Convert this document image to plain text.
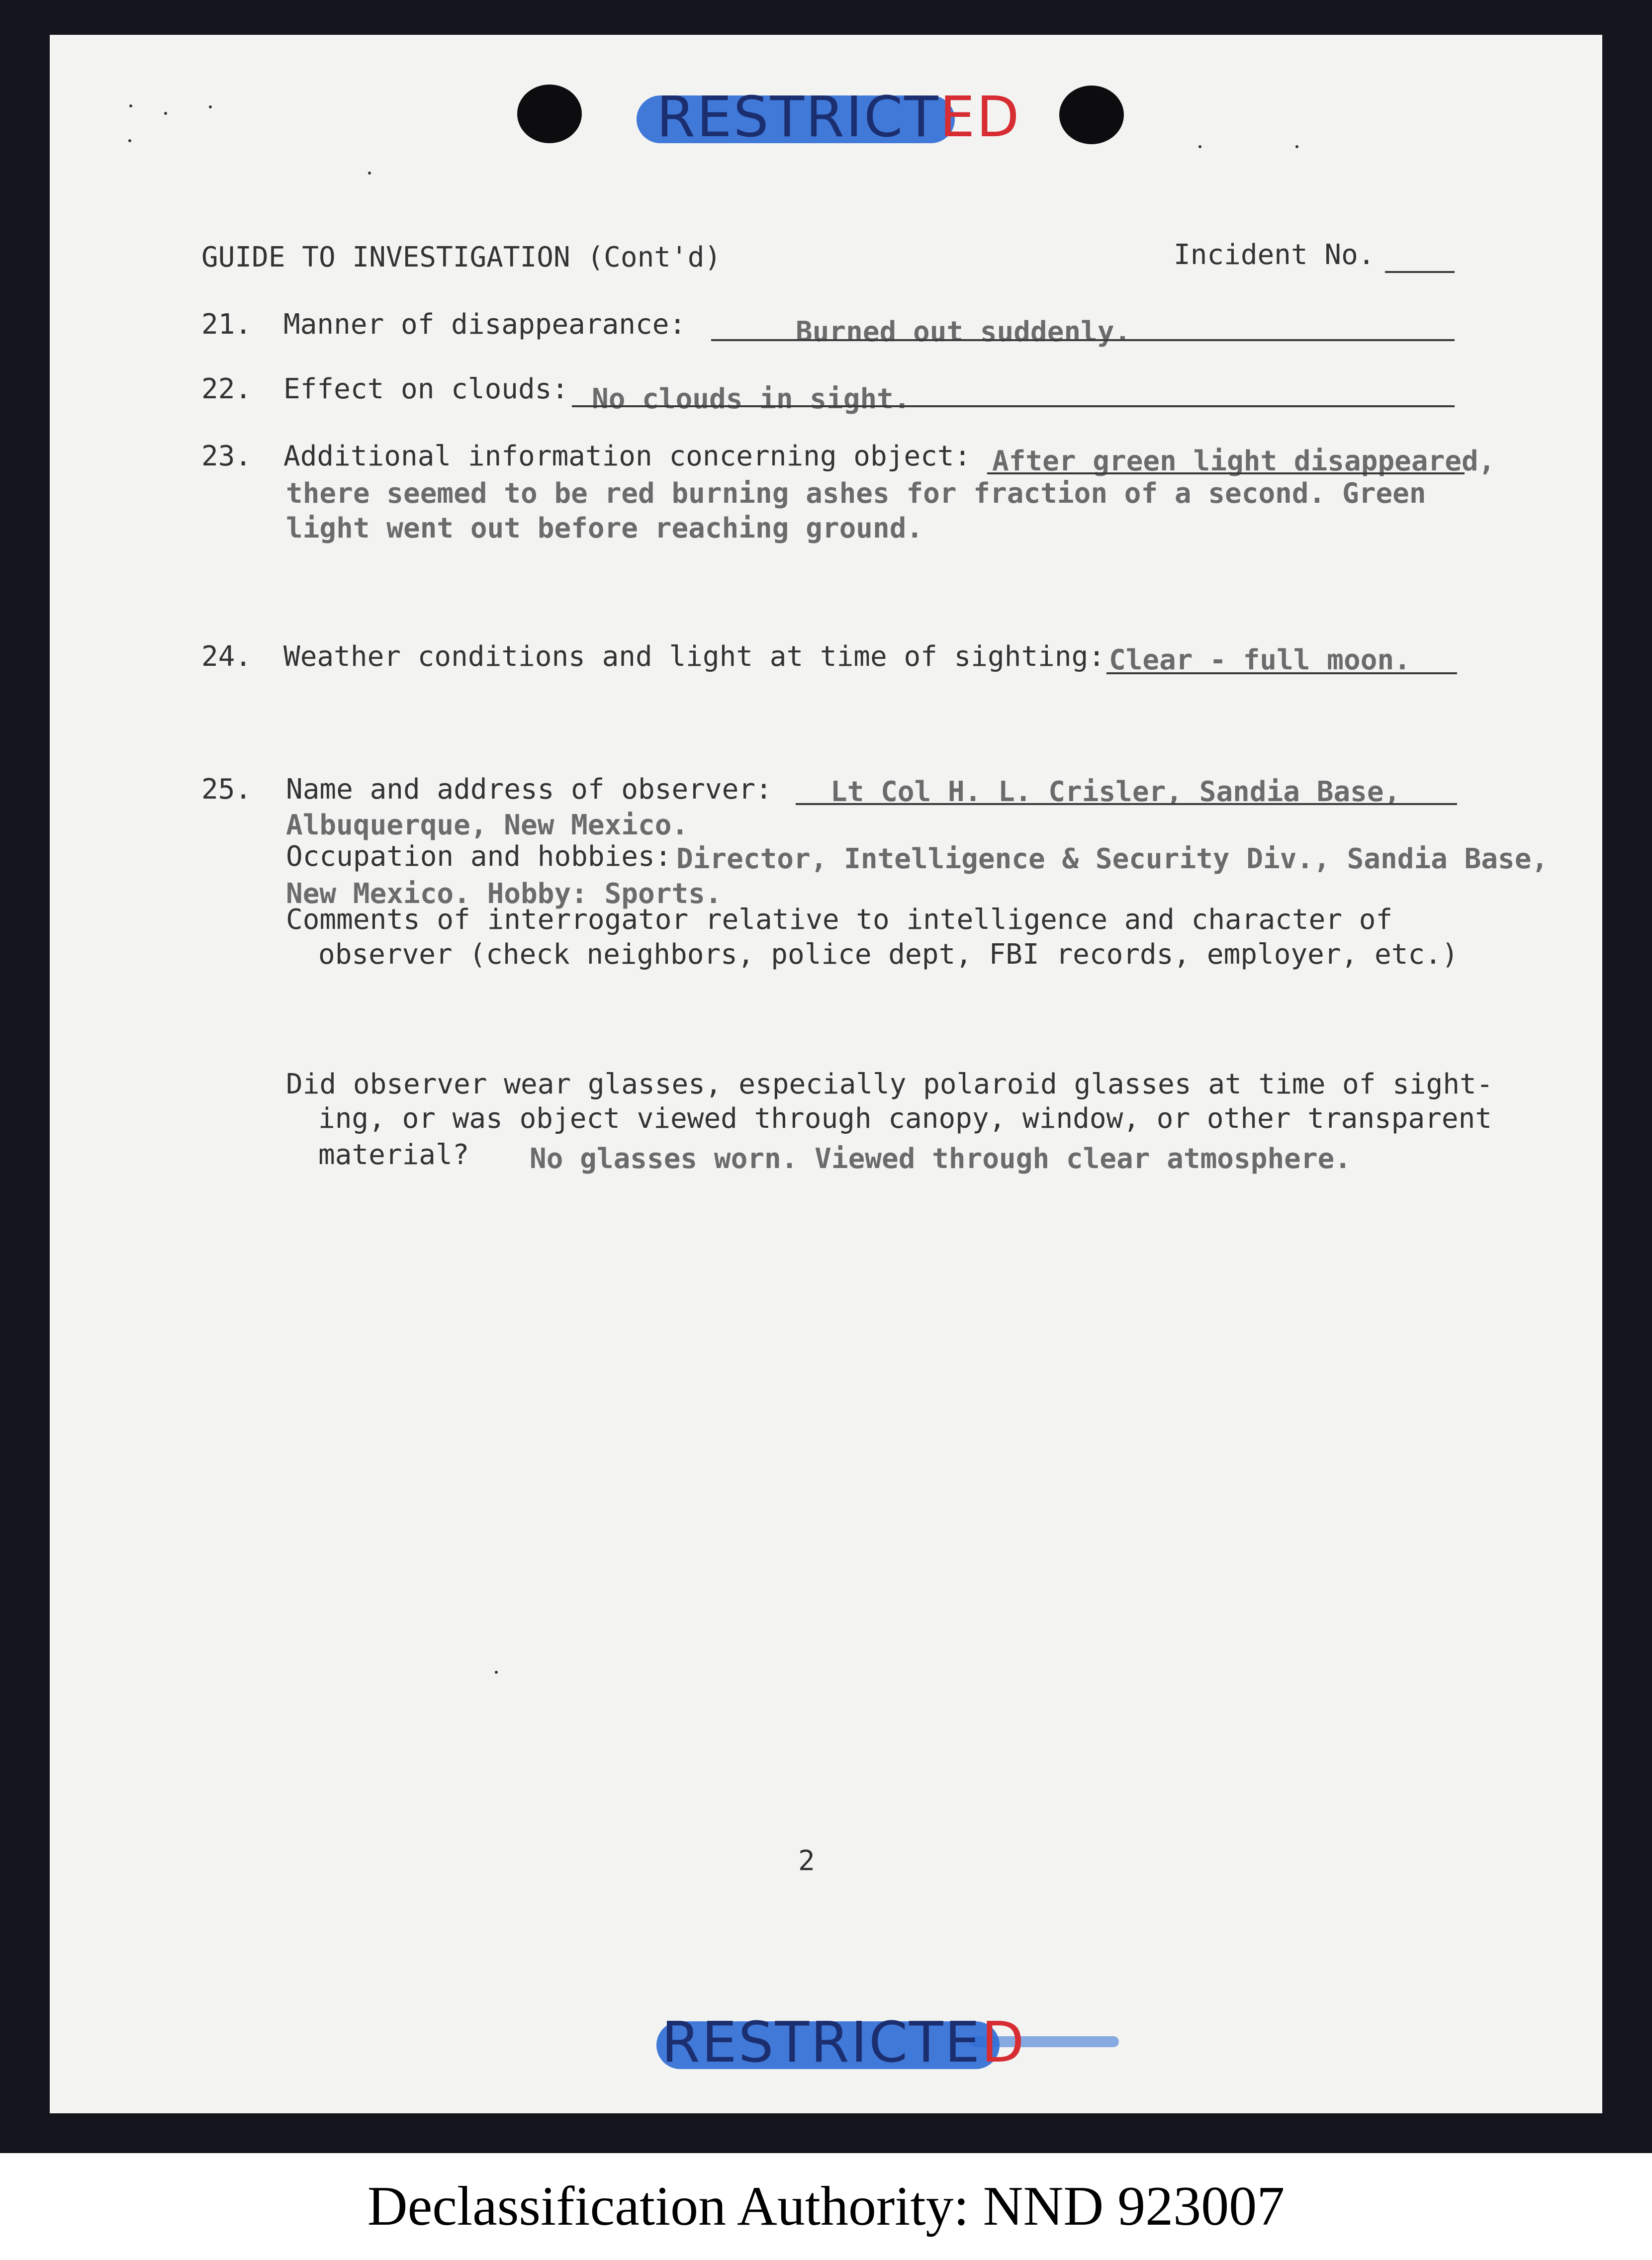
RESTRICTED
GUIDE TO INVESTIGATION (Cont'd)	Incident No.
21. Manner of disappearance:	Burned out suddenly.
22. Effect on clouds: No clouds in sight.
23. Additional information concerning object: After green light disappeared,
there seemed to be red burning ashes for fraction of a second. Green
light went out before reaching ground.
24. Weather conditions and light at time of sighting: Clear - full moon.
25. Name and address of observer: Lt Col H. L. Crisler, Sandia Base,
Albuquerque, New Mexico.
Occupation and hobbies: Director, Intelligence & Security Div., Sandia Base,
New Mexico. Hobby: Sports.
Comments of interrogator relative to intelligence and character of
observer (check neighbors, police dept, FBI records, employer, etc.)
Did observer wear glasses, especially polaroid glasses at time of sight-
ing, or was object viewed through canopy, window, or other transparent
material? No glasses worn. Viewed through clear atmosphere.
2
RESTRICTED
Declassification Authority: NND 923007
